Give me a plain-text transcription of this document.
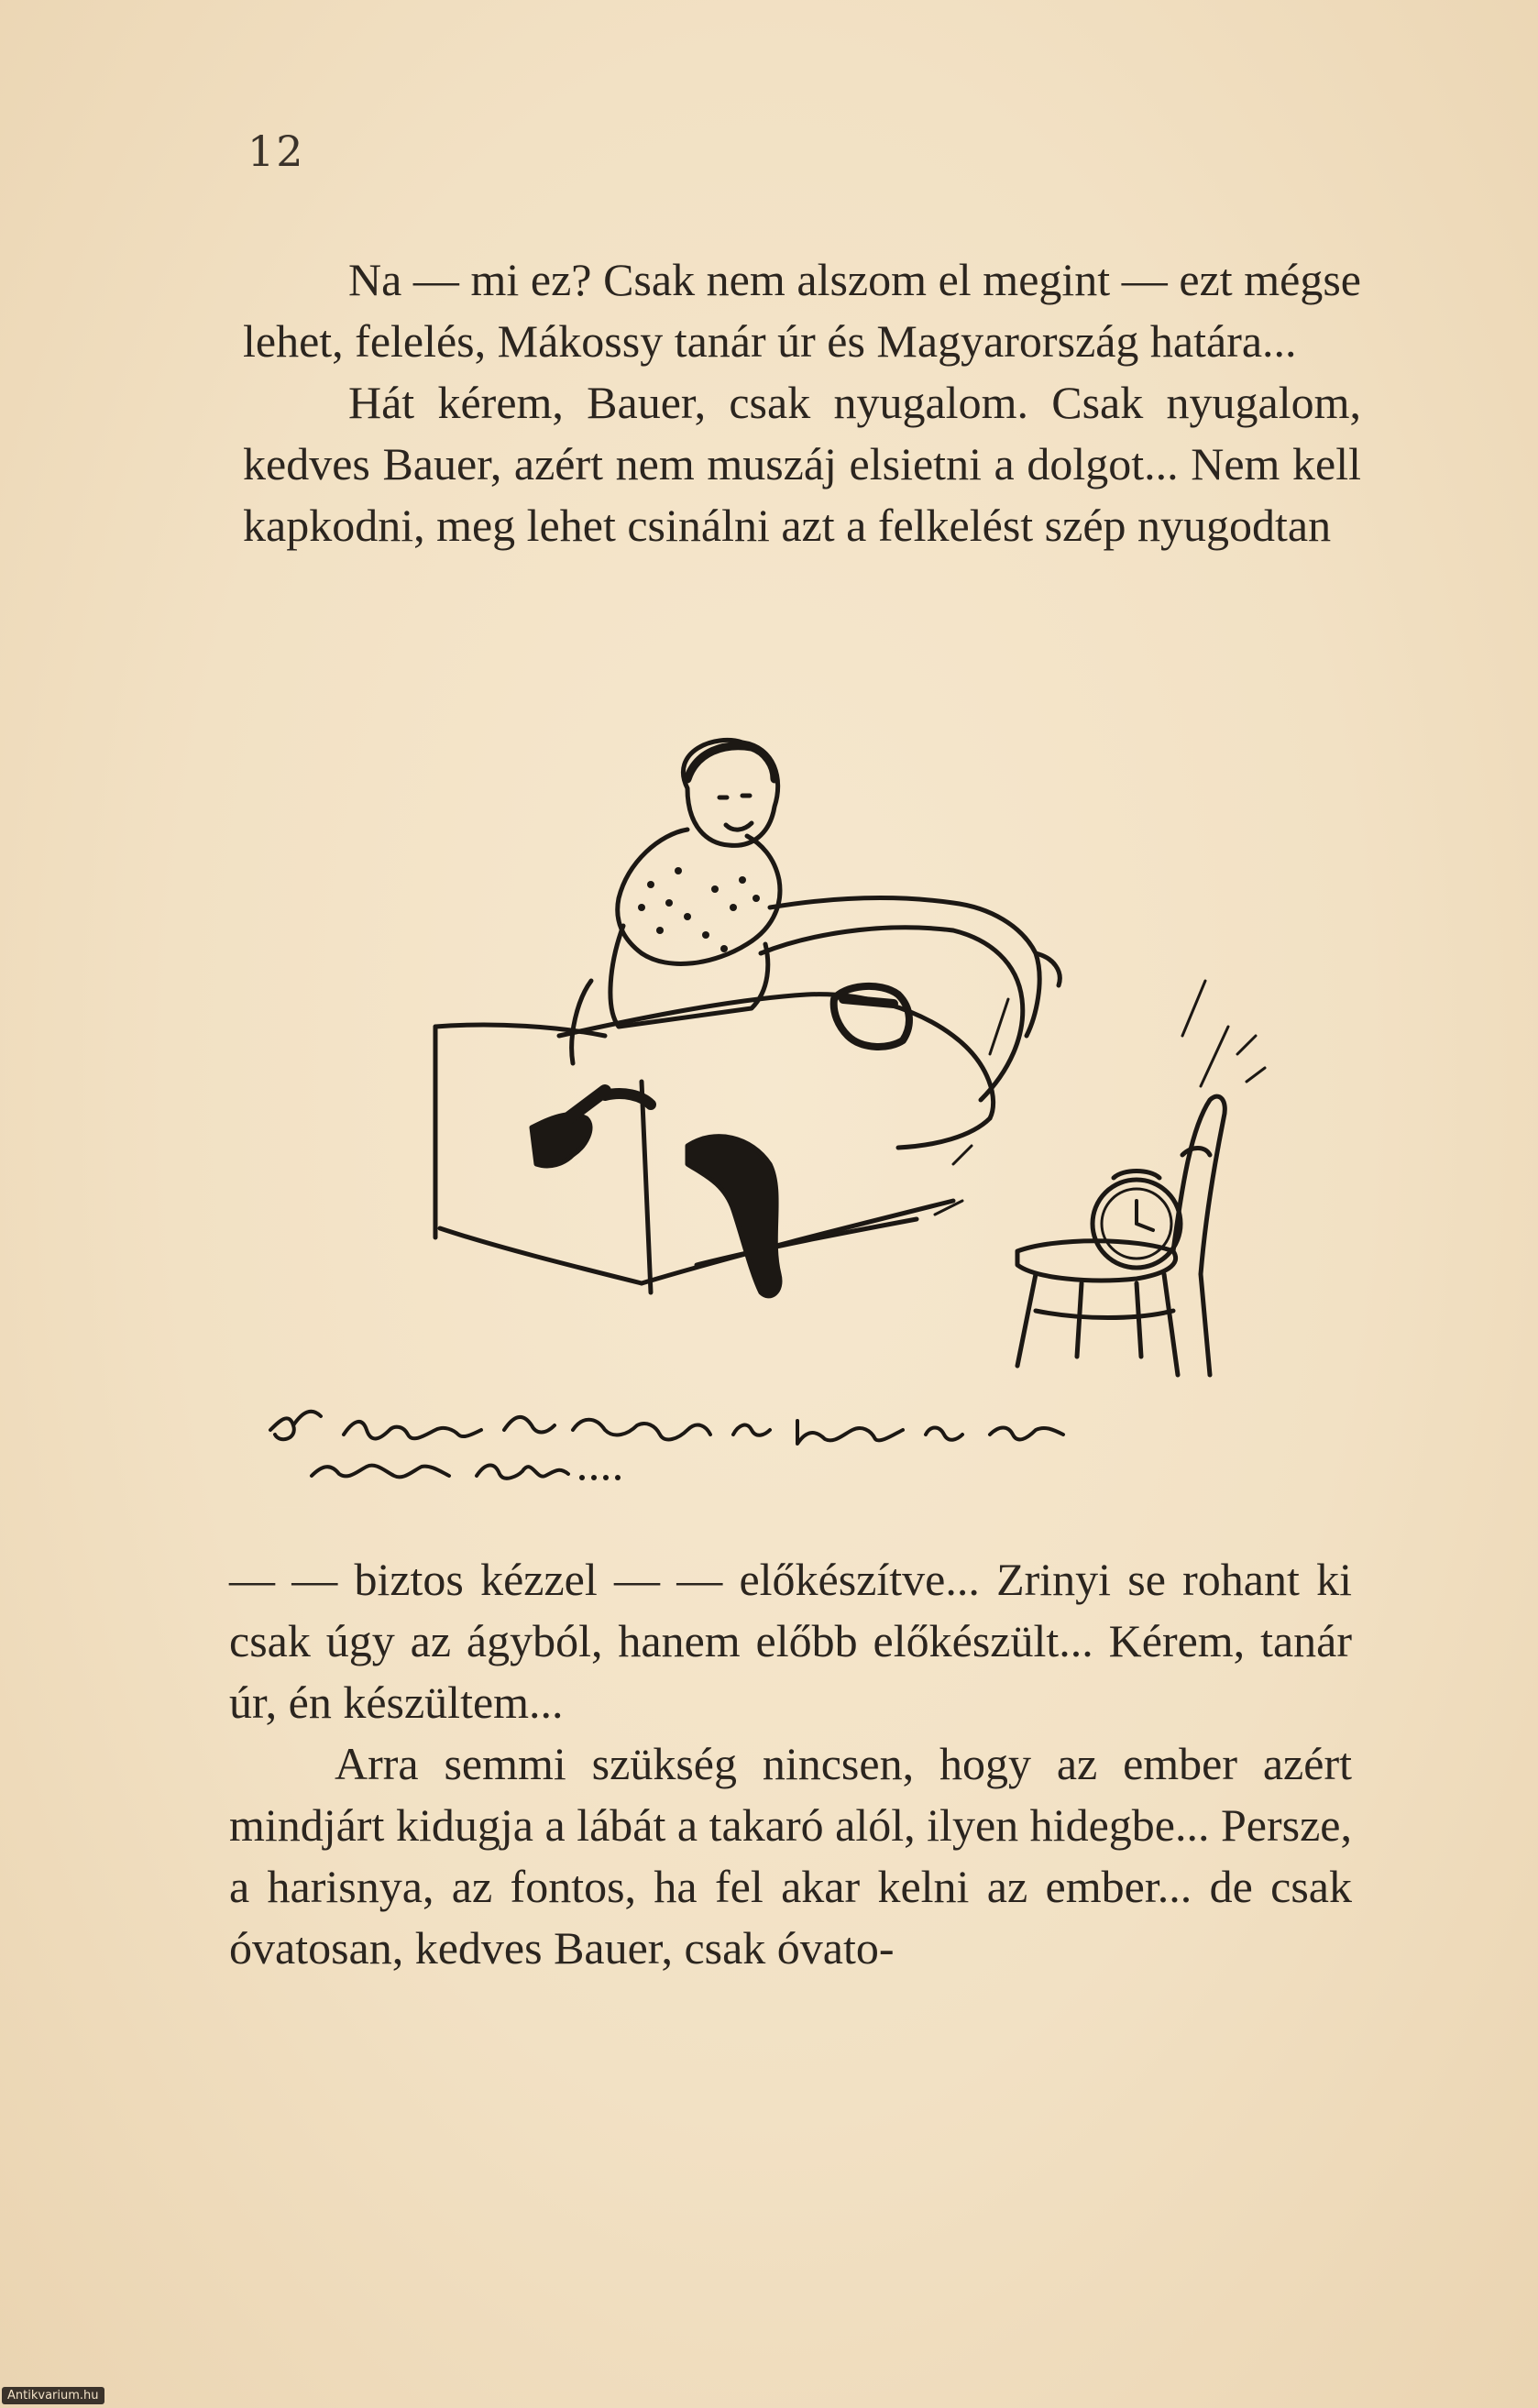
12

Na — mi ez? Csak nem alszom el megint — ezt mégse lehet, felelés, Mákossy tanár úr és Magyarország határa...

Hát kérem, Bauer, csak nyugalom. Csak nyugalom, kedves Bauer, azért nem muszáj elsietni a dolgot... Nem kell kapkodni, meg lehet csinálni azt a felkelést szép nyugodtan

A katonák ott állanak a határon és nem mernek átlépni....

— — biztos kézzel — — előkészítve... Zrinyi se rohant ki csak úgy az ágyból, hanem előbb előkészült... Kérem, tanár úr, én készültem...

Arra semmi szükség nincsen, hogy az ember azért mindjárt kidugja a lábát a takaró alól, ilyen hidegbe... Persze, a harisnya, az fontos, ha fel akar kelni az ember... de csak óvatosan, kedves Bauer, csak óvato-

Antikvarium.hu
